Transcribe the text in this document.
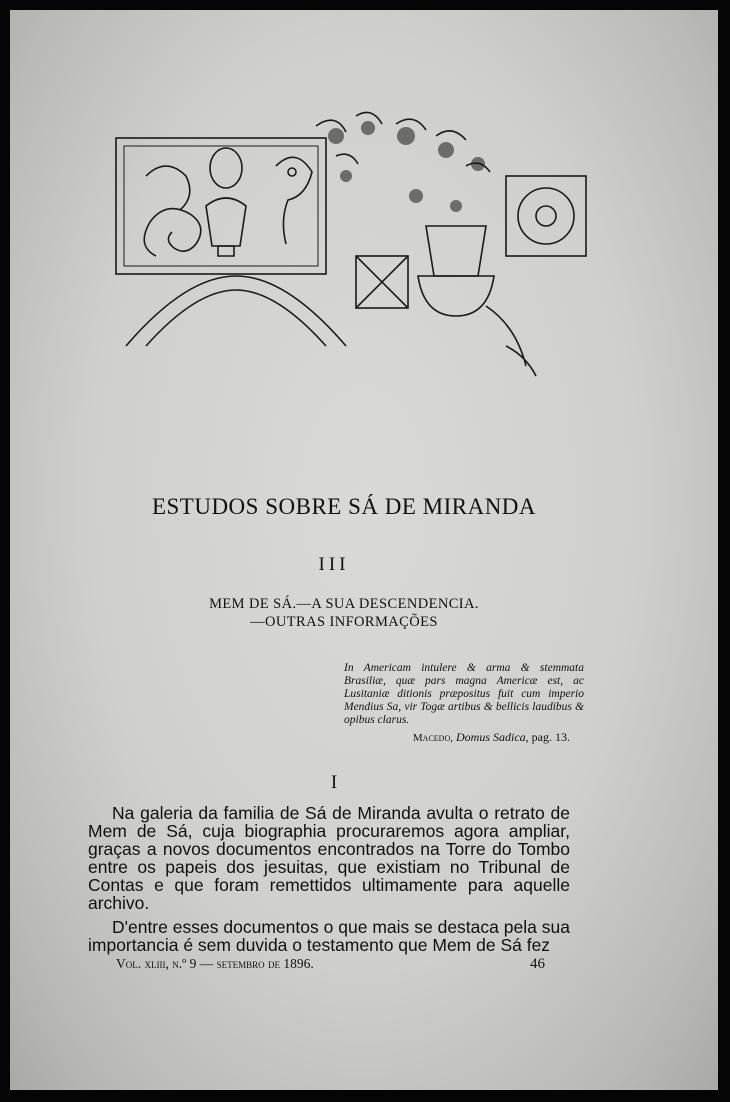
ESTUDOS SOBRE SÁ DE MIRANDA
III
MEM DE SÁ.—A SUA DESCENDENCIA.
—OUTRAS INFORMAÇÕES
In Americam intulere & arma & stemmata Brasiliæ, quæ pars magna Americæ est, ac Lusitaniæ ditionis præpositus fuit cum imperio Mendius Sa, vir Togæ artibus & bellicis laudibus & opibus clarus.
Macedo, Domus Sadica, pag. 13.
I

Na galeria da familia de Sá de Miranda avulta o retrato de Mem de Sá, cuja biographia procuraremos agora ampliar, graças a novos documentos encontrados na Torre do Tombo entre os papeis dos jesuitas, que existiam no Tribunal de Contas e que foram remettidos ultimamente para aquelle archivo.

D'entre esses documentos o que mais se destaca pela sua importancia é sem duvida o testamento que Mem de Sá fez

Vol. xliii, n.º 9 — setembro de 1896.	46
